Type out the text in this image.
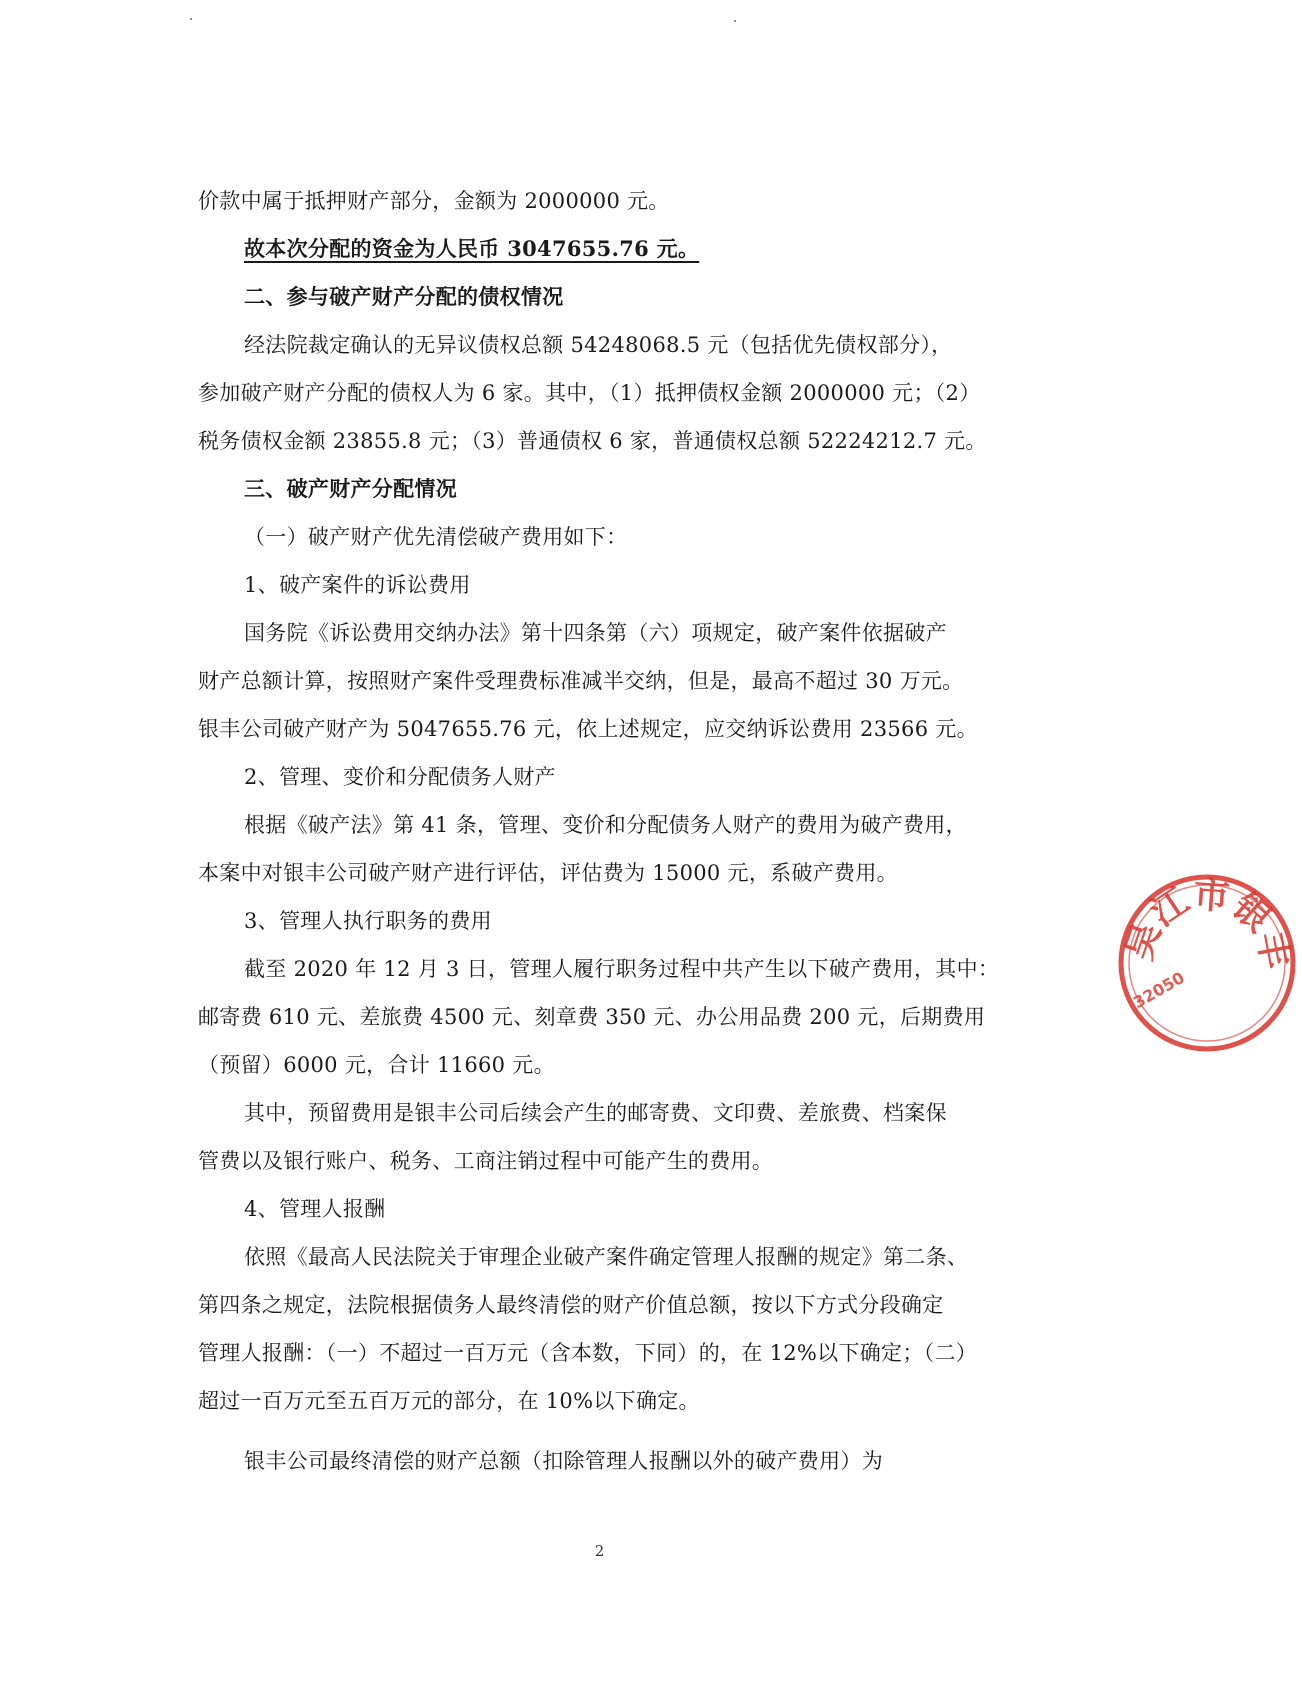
价款中属于抵押财产部分，金额为 2000000 元。
故本次分配的资金为人民币 3047655.76 元。
二、参与破产财产分配的债权情况
经法院裁定确认的无异议债权总额 54248068.5 元（包括优先债权部分），
参加破产财产分配的债权人为 6 家。其中，（1）抵押债权金额 2000000 元；（2）
税务债权金额 23855.8 元；（3）普通债权 6 家，普通债权总额 52224212.7 元。
三、破产财产分配情况
（一）破产财产优先清偿破产费用如下：
1、破产案件的诉讼费用
国务院《诉讼费用交纳办法》第十四条第（六）项规定，破产案件依据破产
财产总额计算，按照财产案件受理费标准减半交纳，但是，最高不超过 30 万元。
银丰公司破产财产为 5047655.76 元，依上述规定，应交纳诉讼费用 23566 元。
2、管理、变价和分配债务人财产
根据《破产法》第 41 条，管理、变价和分配债务人财产的费用为破产费用，
本案中对银丰公司破产财产进行评估，评估费为 15000 元，系破产费用。
3、管理人执行职务的费用
截至 2020 年 12 月 3 日，管理人履行职务过程中共产生以下破产费用，其中：
邮寄费 610 元、差旅费 4500 元、刻章费 350 元、办公用品费 200 元，后期费用
（预留）6000 元，合计 11660 元。
其中，预留费用是银丰公司后续会产生的邮寄费、文印费、差旅费、档案保
管费以及银行账户、税务、工商注销过程中可能产生的费用。
4、管理人报酬
依照《最高人民法院关于审理企业破产案件确定管理人报酬的规定》第二条、
第四条之规定，法院根据债务人最终清偿的财产价值总额，按以下方式分段确定
管理人报酬：（一）不超过一百万元（含本数，下同）的，在 12%以下确定；（二）
超过一百万元至五百万元的部分，在 10%以下确定。
银丰公司最终清偿的财产总额（扣除管理人报酬以外的破产费用）为
2
吴江市银丰
32050
